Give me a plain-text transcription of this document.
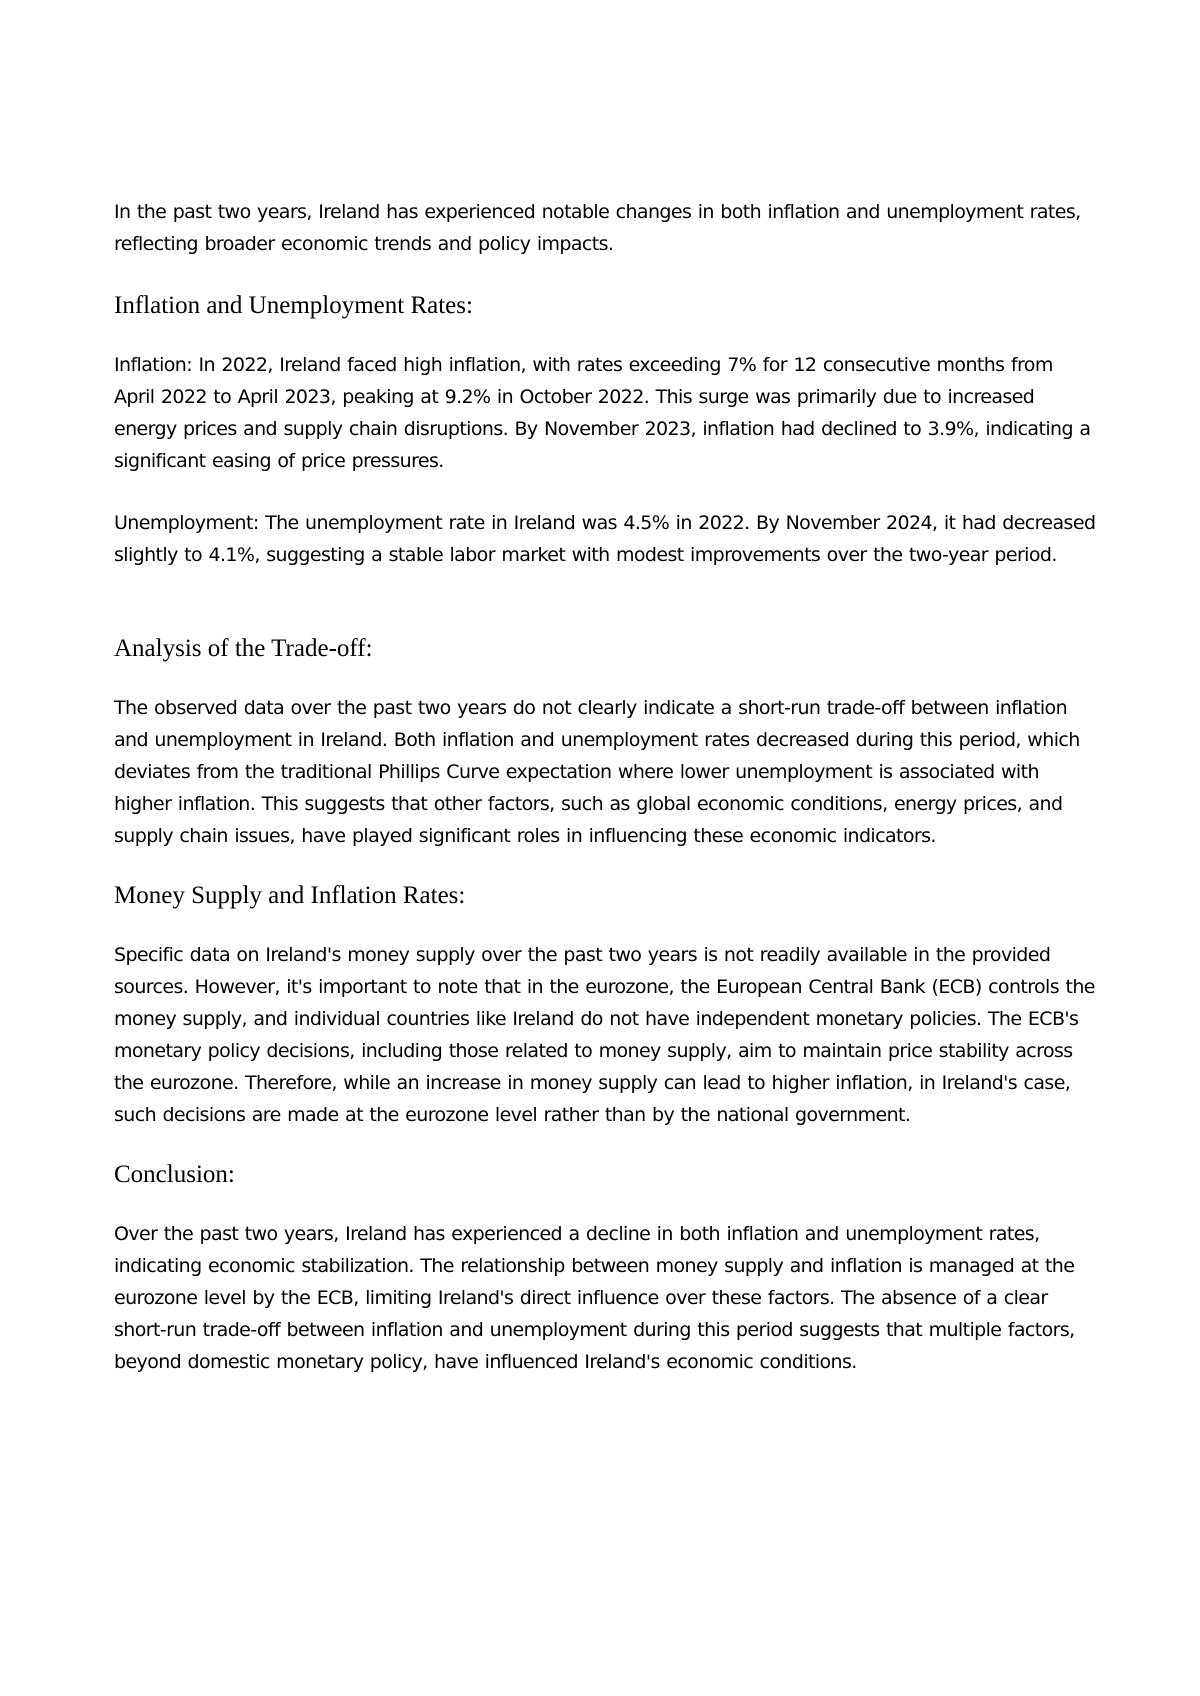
In the past two years, Ireland has experienced notable changes in both inflation and unemployment rates, reflecting broader economic trends and policy impacts.

Inflation and Unemployment Rates:

Inflation: In 2022, Ireland faced high inflation, with rates exceeding 7% for 12 consecutive months from April 2022 to April 2023, peaking at 9.2% in October 2022. This surge was primarily due to increased energy prices and supply chain disruptions. By November 2023, inflation had declined to 3.9%, indicating a significant easing of price pressures.

Unemployment: The unemployment rate in Ireland was 4.5% in 2022. By November 2024, it had decreased slightly to 4.1%, suggesting a stable labor market with modest improvements over the two-year period.

Analysis of the Trade-off:

The observed data over the past two years do not clearly indicate a short-run trade-off between inflation and unemployment in Ireland. Both inflation and unemployment rates decreased during this period, which deviates from the traditional Phillips Curve expectation where lower unemployment is associated with higher inflation. This suggests that other factors, such as global economic conditions, energy prices, and supply chain issues, have played significant roles in influencing these economic indicators.

Money Supply and Inflation Rates:

Specific data on Ireland's money supply over the past two years is not readily available in the provided sources. However, it's important to note that in the eurozone, the European Central Bank (ECB) controls the money supply, and individual countries like Ireland do not have independent monetary policies. The ECB's monetary policy decisions, including those related to money supply, aim to maintain price stability across the eurozone. Therefore, while an increase in money supply can lead to higher inflation, in Ireland's case, such decisions are made at the eurozone level rather than by the national government.

Conclusion:

Over the past two years, Ireland has experienced a decline in both inflation and unemployment rates, indicating economic stabilization. The relationship between money supply and inflation is managed at the eurozone level by the ECB, limiting Ireland's direct influence over these factors. The absence of a clear short-run trade-off between inflation and unemployment during this period suggests that multiple factors, beyond domestic monetary policy, have influenced Ireland's economic conditions.
